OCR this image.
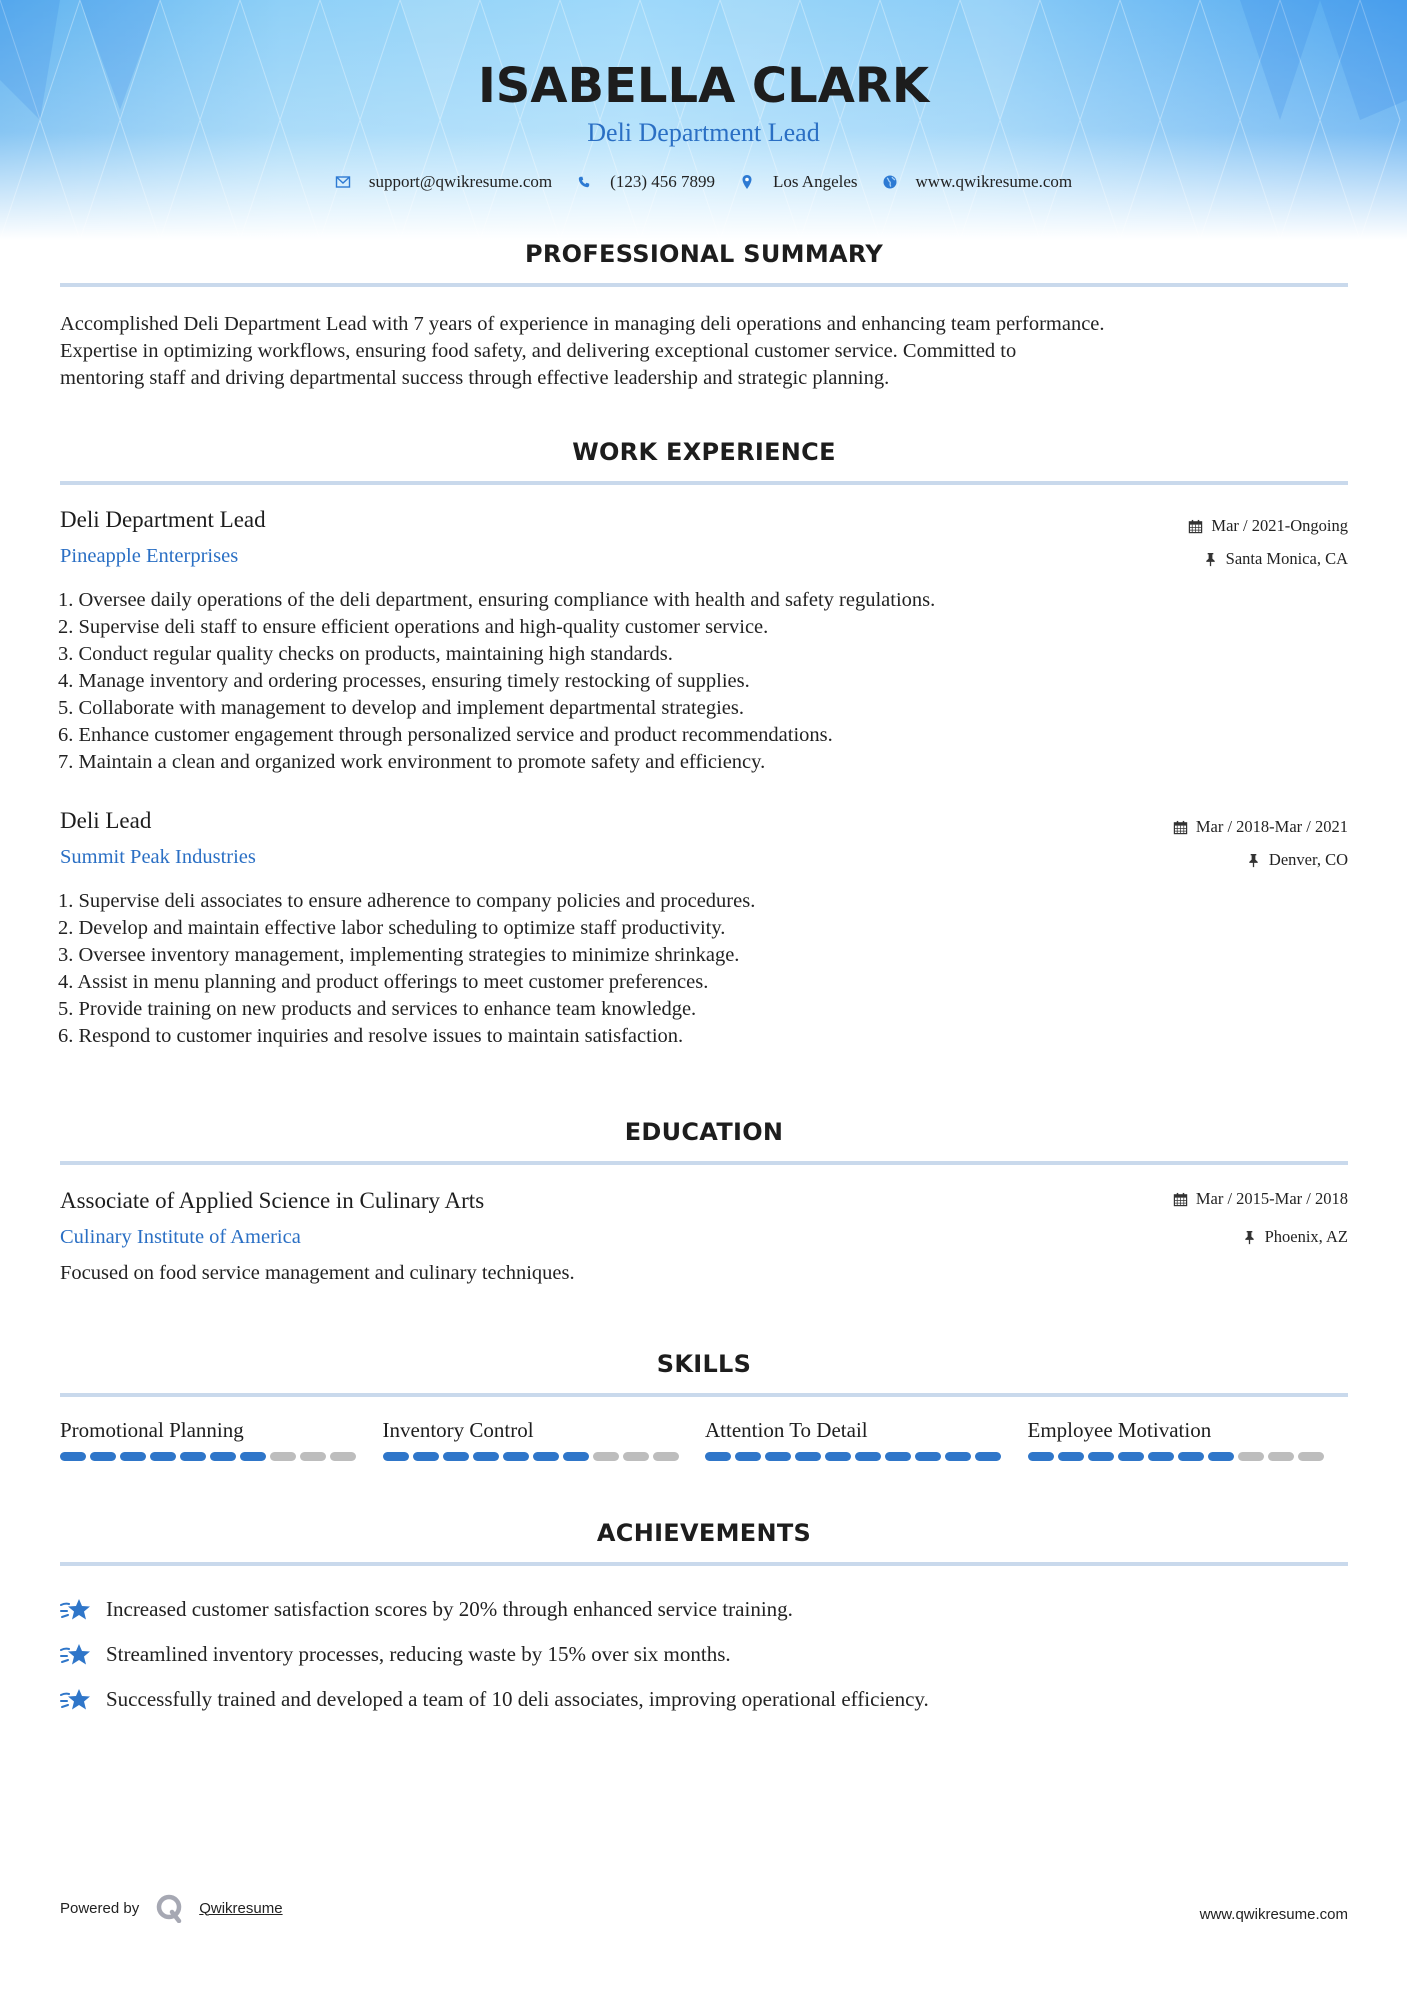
ISABELLA CLARK
Deli Department Lead
support@qwikresume.com	(123) 456 7899	Los Angeles	www.qwikresume.com
PROFESSIONAL SUMMARY
Accomplished Deli Department Lead with 7 years of experience in managing deli operations and enhancing team performance.
Expertise in optimizing workflows, ensuring food safety, and delivering exceptional customer service. Committed to
mentoring staff and driving departmental success through effective leadership and strategic planning.
WORK EXPERIENCE
Deli Department Lead
Pineapple Enterprises
Mar / 2021-Ongoing
Santa Monica, CA
1. Oversee daily operations of the deli department, ensuring compliance with health and safety regulations.
2. Supervise deli staff to ensure efficient operations and high-quality customer service.
3. Conduct regular quality checks on products, maintaining high standards.
4. Manage inventory and ordering processes, ensuring timely restocking of supplies.
5. Collaborate with management to develop and implement departmental strategies.
6. Enhance customer engagement through personalized service and product recommendations.
7. Maintain a clean and organized work environment to promote safety and efficiency.
Deli Lead
Summit Peak Industries
Mar / 2018-Mar / 2021
Denver, CO
1. Supervise deli associates to ensure adherence to company policies and procedures.
2. Develop and maintain effective labor scheduling to optimize staff productivity.
3. Oversee inventory management, implementing strategies to minimize shrinkage.
4. Assist in menu planning and product offerings to meet customer preferences.
5. Provide training on new products and services to enhance team knowledge.
6. Respond to customer inquiries and resolve issues to maintain satisfaction.
EDUCATION
Associate of Applied Science in Culinary Arts
Culinary Institute of America
Mar / 2015-Mar / 2018
Phoenix, AZ
Focused on food service management and culinary techniques.
SKILLS
Promotional Planning	Inventory Control	Attention To Detail	Employee Motivation
ACHIEVEMENTS
Increased customer satisfaction scores by 20% through enhanced service training.
Streamlined inventory processes, reducing waste by 15% over six months.
Successfully trained and developed a team of 10 deli associates, improving operational efficiency.
Powered by	Qwikresume	www.qwikresume.com
